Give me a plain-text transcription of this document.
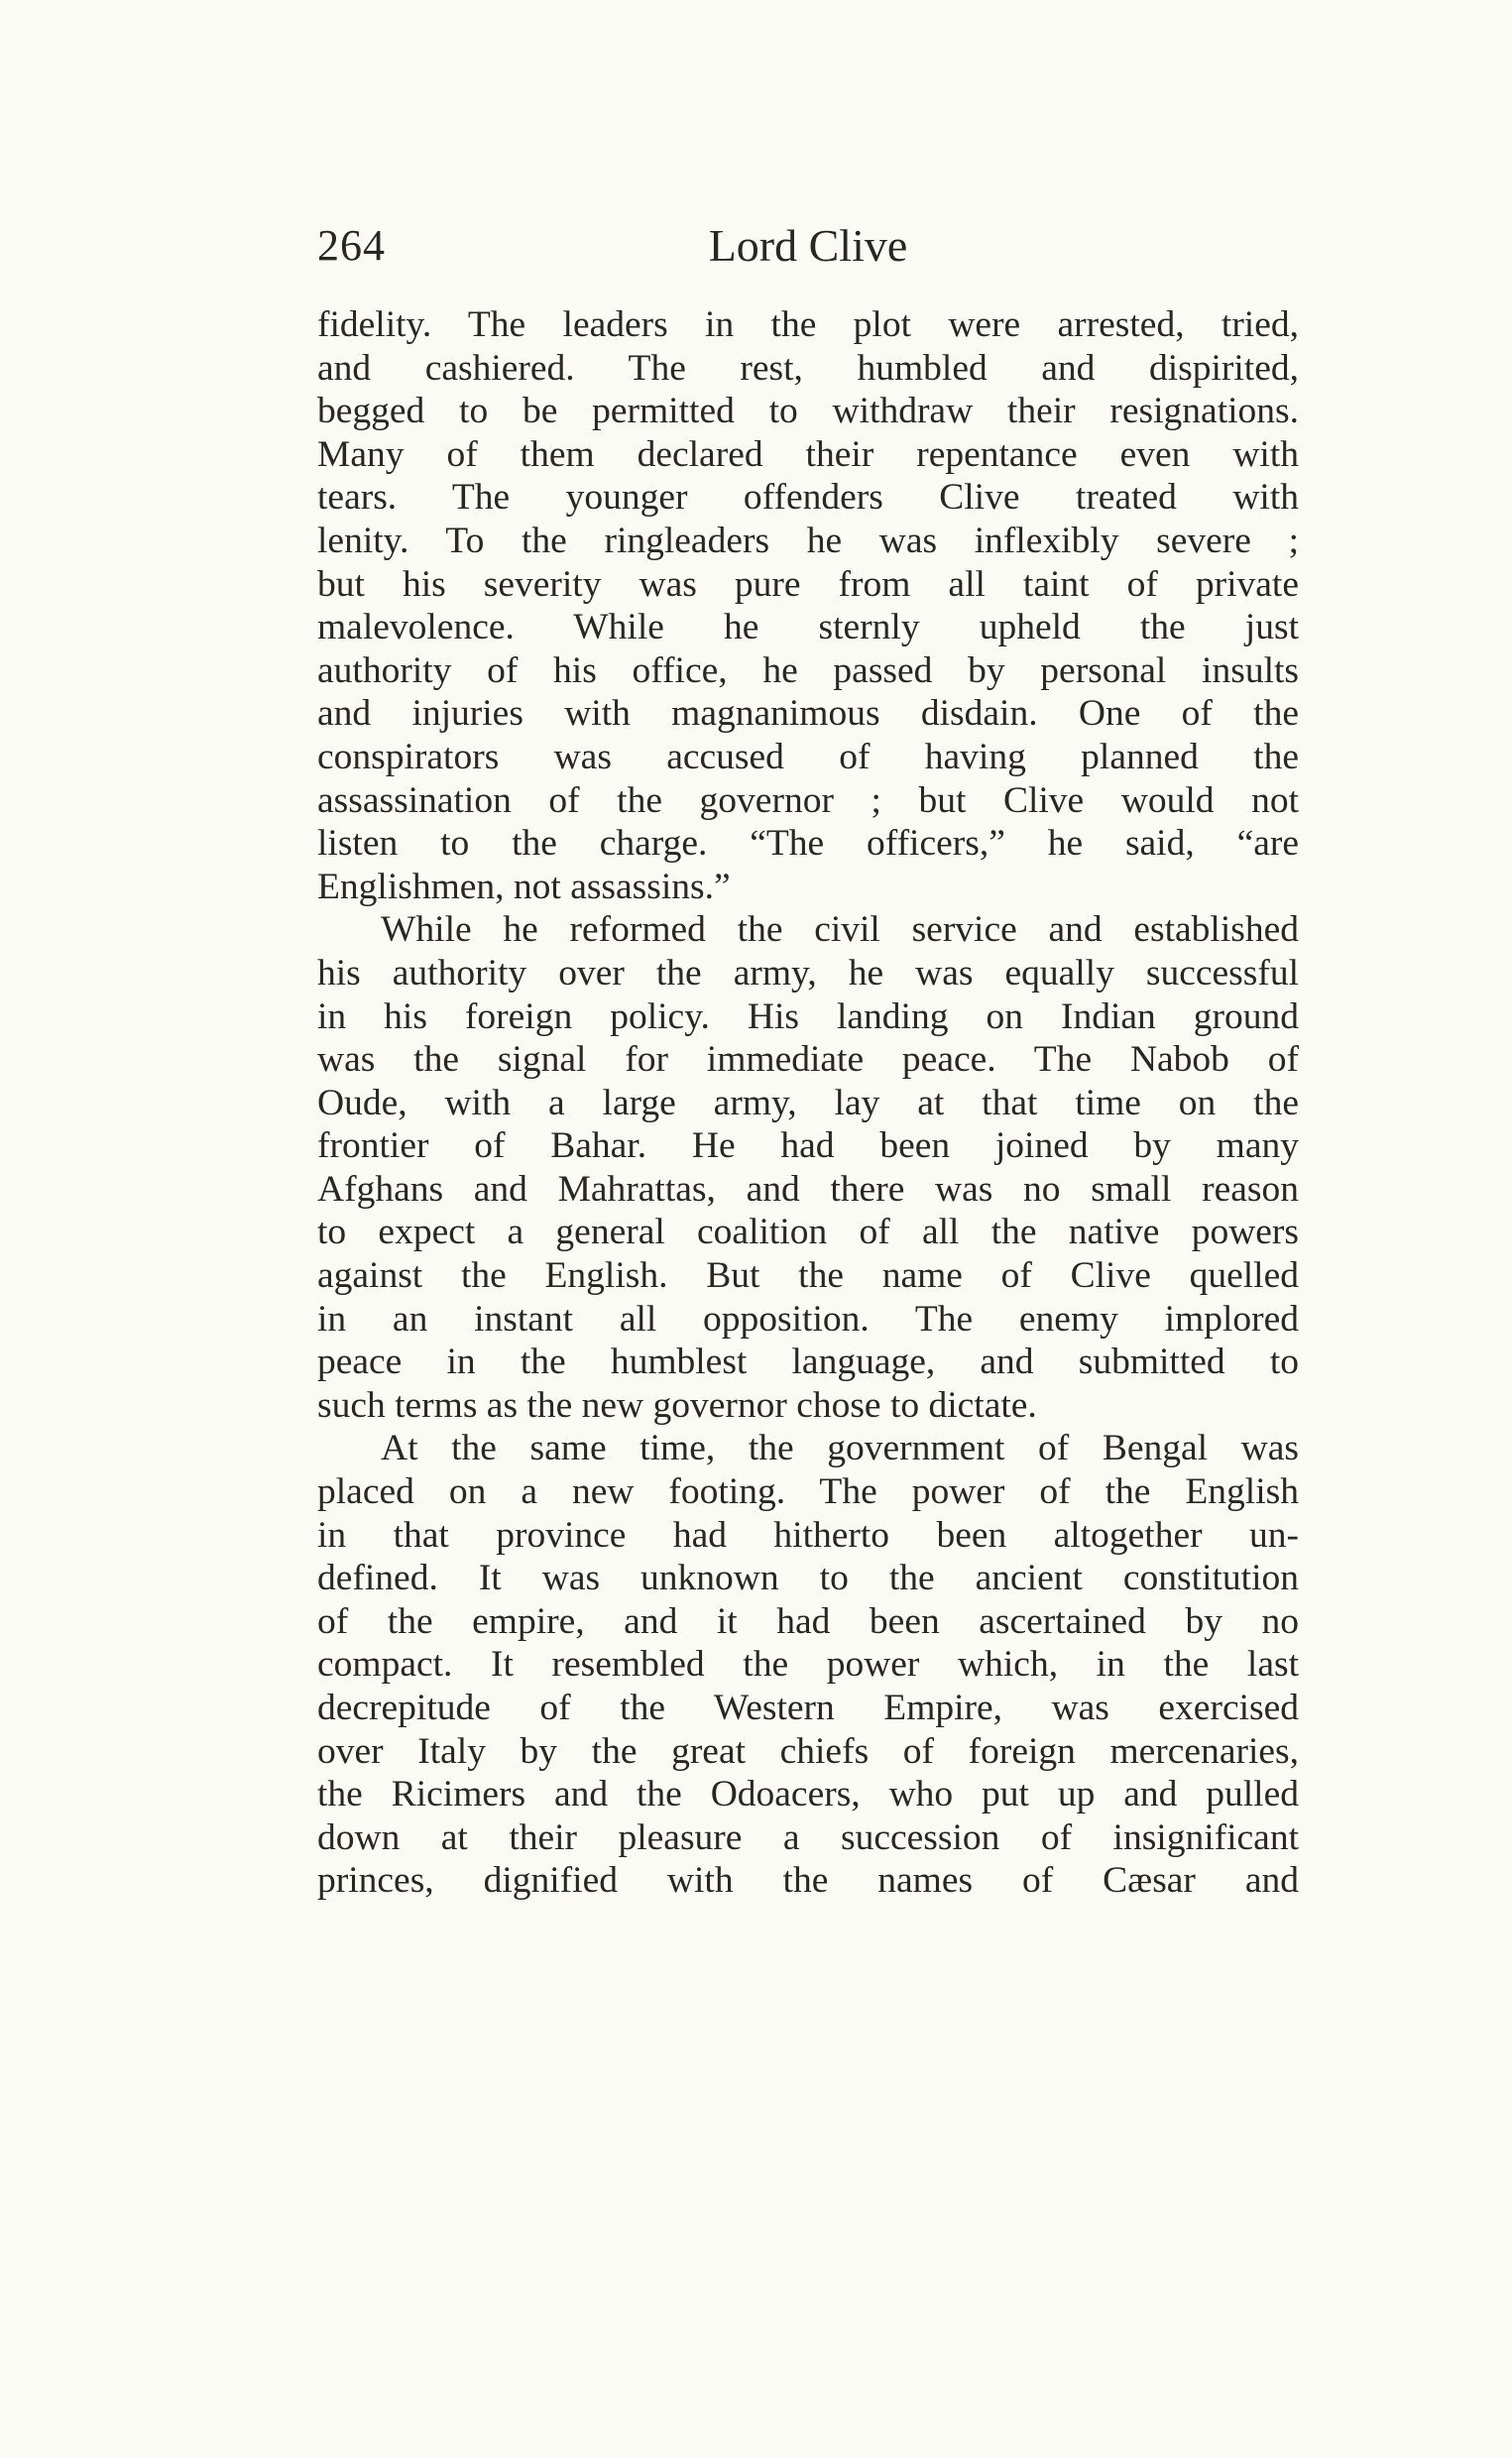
264	Lord Clive
fidelity. The leaders in the plot were arrested, tried,
and cashiered. The rest, humbled and dispirited,
begged to be permitted to withdraw their resignations.
Many of them declared their repentance even with
tears. The younger offenders Clive treated with
lenity. To the ringleaders he was inflexibly severe ;
but his severity was pure from all taint of private
malevolence. While he sternly upheld the just
authority of his office, he passed by personal insults
and injuries with magnanimous disdain. One of the
conspirators was accused of having planned the
assassination of the governor ; but Clive would not
listen to the charge. “The officers,” he said, “are
Englishmen, not assassins.”
While he reformed the civil service and established
his authority over the army, he was equally successful
in his foreign policy. His landing on Indian ground
was the signal for immediate peace. The Nabob of
Oude, with a large army, lay at that time on the
frontier of Bahar. He had been joined by many
Afghans and Mahrattas, and there was no small reason
to expect a general coalition of all the native powers
against the English. But the name of Clive quelled
in an instant all opposition. The enemy implored
peace in the humblest language, and submitted to
such terms as the new governor chose to dictate.
At the same time, the government of Bengal was
placed on a new footing. The power of the English
in that province had hitherto been altogether un-
defined. It was unknown to the ancient constitution
of the empire, and it had been ascertained by no
compact. It resembled the power which, in the last
decrepitude of the Western Empire, was exercised
over Italy by the great chiefs of foreign mercenaries,
the Ricimers and the Odoacers, who put up and pulled
down at their pleasure a succession of insignificant
princes, dignified with the names of Cæsar and
